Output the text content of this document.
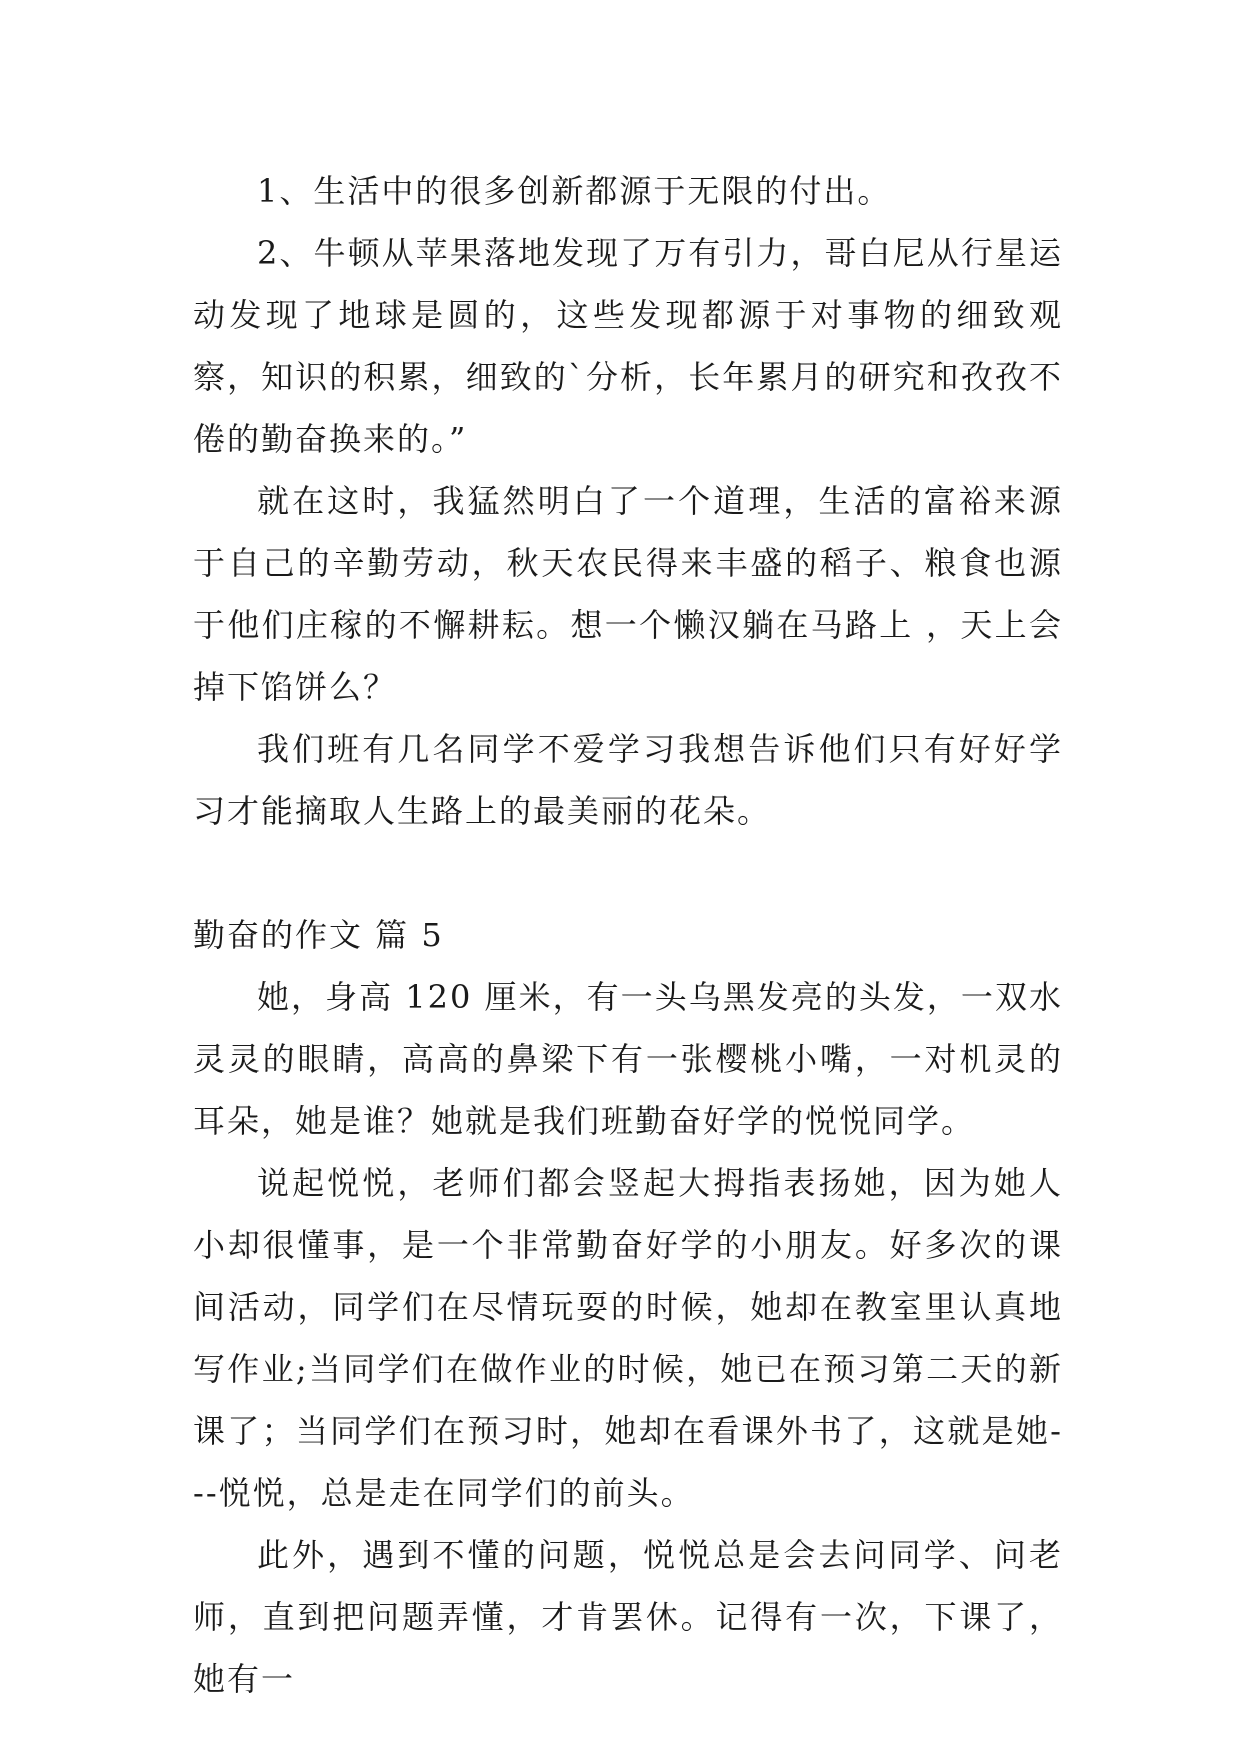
1、生活中的很多创新都源于无限的付出。

2、牛顿从苹果落地发现了万有引力，哥白尼从行星运动发现了地球是圆的，这些发现都源于对事物的细致观察，知识的积累，细致的`分析，长年累月的研究和孜孜不倦的勤奋换来的。”

就在这时，我猛然明白了一个道理，生活的富裕来源于自己的辛勤劳动，秋天农民得来丰盛的稻子、粮食也源于他们庄稼的不懈耕耘。想一个懒汉躺在马路上 ，天上会掉下馅饼么？

我们班有几名同学不爱学习我想告诉他们只有好好学习才能摘取人生路上的最美丽的花朵。

勤奋的作文 篇 5

她，身高 120 厘米，有一头乌黑发亮的头发，一双水灵灵的眼睛，高高的鼻梁下有一张樱桃小嘴，一对机灵的耳朵，她是谁？她就是我们班勤奋好学的悦悦同学。

说起悦悦，老师们都会竖起大拇指表扬她，因为她人小却很懂事，是一个非常勤奋好学的小朋友。好多次的课间活动，同学们在尽情玩耍的时候，她却在教室里认真地写作业;当同学们在做作业的时候，她已在预习第二天的新课了；当同学们在预习时，她却在看课外书了，这就是她---悦悦，总是走在同学们的前头。

此外，遇到不懂的问题，悦悦总是会去问同学、问老师，直到把问题弄懂，才肯罢休。记得有一次，下课了，她有一
